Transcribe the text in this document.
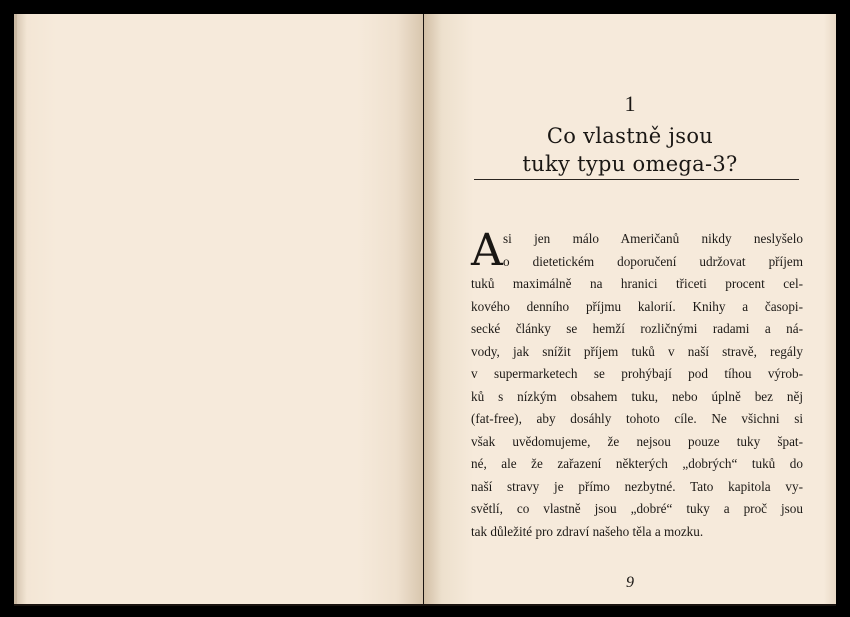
1
Co vlastně jsou
tuky typu omega-3?
A si jen málo Američanů nikdy neslyšelo
o dietetickém doporučení udržovat příjem
tuků maximálně na hranici třiceti procent cel-
kového denního příjmu kalorií. Knihy a časopi-
secké články se hemží rozličnými radami a ná-
vody, jak snížit příjem tuků v naší stravě, regály
v supermarketech se prohýbají pod tíhou výrob-
ků s nízkým obsahem tuku, nebo úplně bez něj
(fat-free), aby dosáhly tohoto cíle. Ne všichni si
však uvědomujeme, že nejsou pouze tuky špat-
né, ale že zařazení některých „dobrých“ tuků do
naší stravy je přímo nezbytné. Tato kapitola vy-
světlí, co vlastně jsou „dobré“ tuky a proč jsou
tak důležité pro zdraví našeho těla a mozku.
9
